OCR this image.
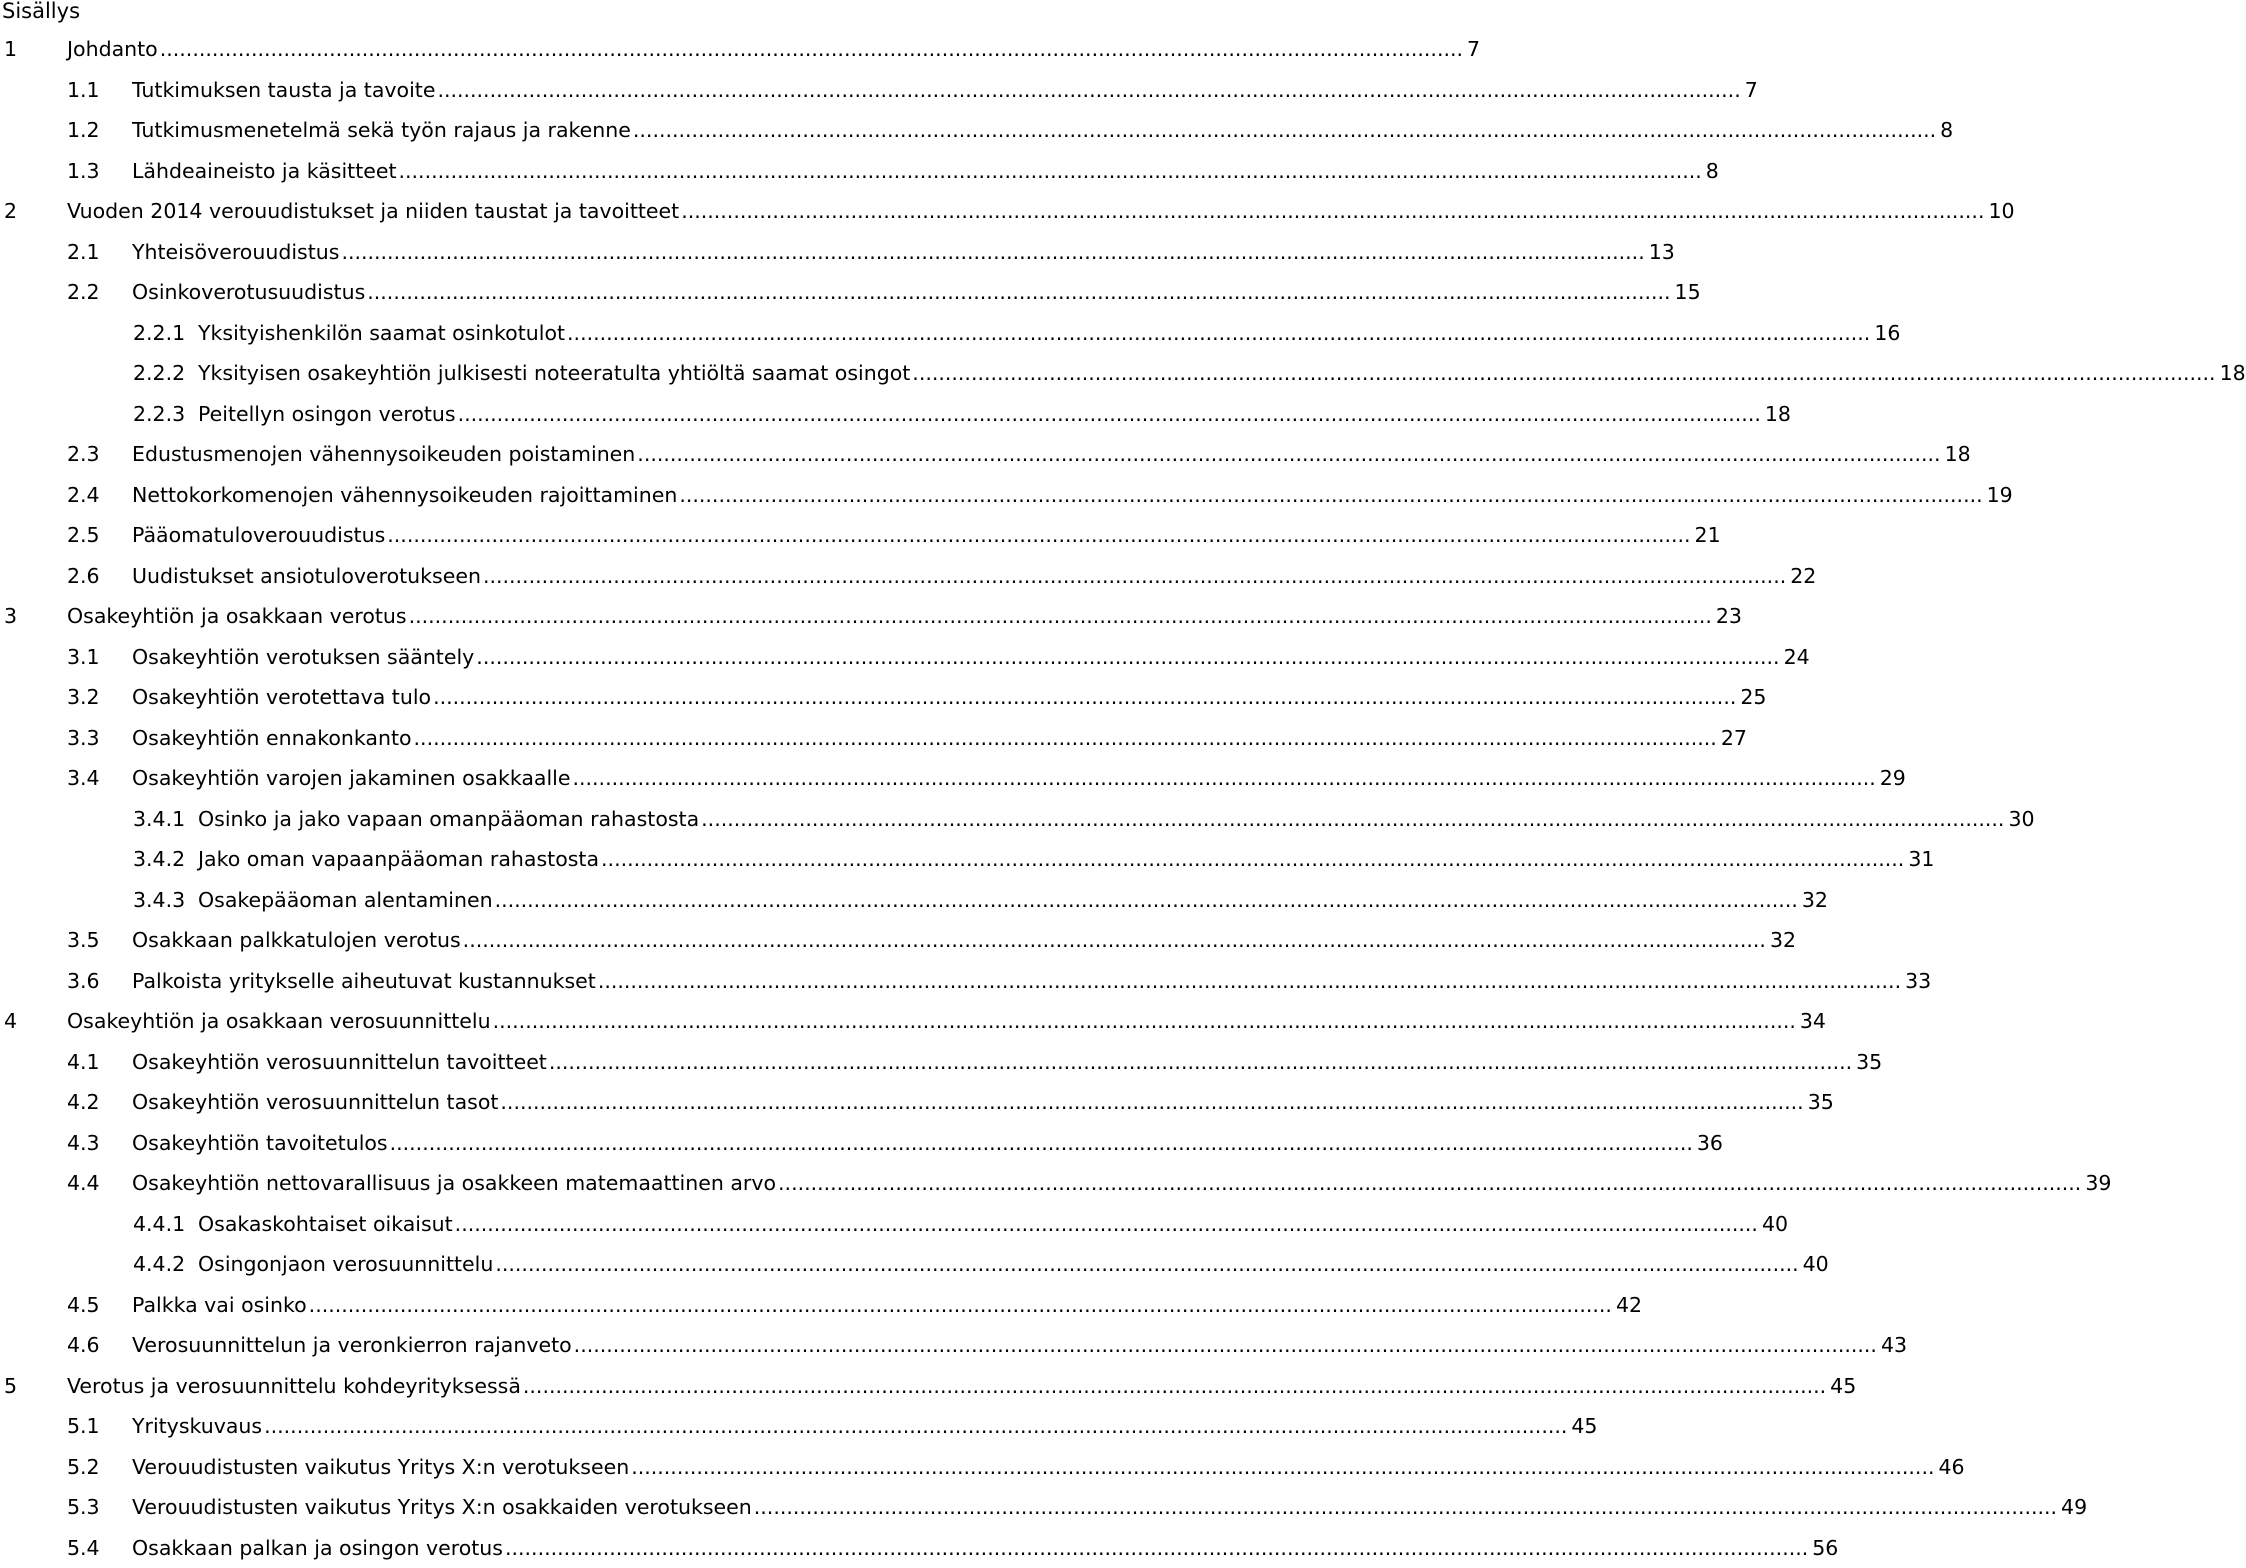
Sisällys
1 Johdanto ........................................................................................................................................................................................................ 7
1.1 Tutkimuksen tausta ja tavoite ........................................................................................................................................................................................................ 7
1.2 Tutkimusmenetelmä sekä työn rajaus ja rakenne ........................................................................................................................................................................................................ 8
1.3 Lähdeaineisto ja käsitteet ........................................................................................................................................................................................................ 8
2 Vuoden 2014 verouudistukset ja niiden taustat ja tavoitteet ........................................................................................................................................................................................................ 10
2.1 Yhteisöverouudistus ........................................................................................................................................................................................................ 13
2.2 Osinkoverotusuudistus ........................................................................................................................................................................................................ 15
2.2.1 Yksityishenkilön saamat osinkotulot ........................................................................................................................................................................................................ 16
2.2.2 Yksityisen osakeyhtiön julkisesti noteeratulta yhtiöltä saamat osingot ........................................................................................................................................................................................................ 18
2.2.3 Peitellyn osingon verotus ........................................................................................................................................................................................................ 18
2.3 Edustusmenojen vähennysoikeuden poistaminen ........................................................................................................................................................................................................ 18
2.4 Nettokorkomenojen vähennysoikeuden rajoittaminen ........................................................................................................................................................................................................ 19
2.5 Pääomatuloverouudistus ........................................................................................................................................................................................................ 21
2.6 Uudistukset ansiotuloverotukseen ........................................................................................................................................................................................................ 22
3 Osakeyhtiön ja osakkaan verotus ........................................................................................................................................................................................................ 23
3.1 Osakeyhtiön verotuksen sääntely ........................................................................................................................................................................................................ 24
3.2 Osakeyhtiön verotettava tulo ........................................................................................................................................................................................................ 25
3.3 Osakeyhtiön ennakonkanto ........................................................................................................................................................................................................ 27
3.4 Osakeyhtiön varojen jakaminen osakkaalle ........................................................................................................................................................................................................ 29
3.4.1 Osinko ja jako vapaan omanpääoman rahastosta ........................................................................................................................................................................................................ 30
3.4.2 Jako oman vapaanpääoman rahastosta ........................................................................................................................................................................................................ 31
3.4.3 Osakepääoman alentaminen ........................................................................................................................................................................................................ 32
3.5 Osakkaan palkkatulojen verotus ........................................................................................................................................................................................................ 32
3.6 Palkoista yritykselle aiheutuvat kustannukset ........................................................................................................................................................................................................ 33
4 Osakeyhtiön ja osakkaan verosuunnittelu ........................................................................................................................................................................................................ 34
4.1 Osakeyhtiön verosuunnittelun tavoitteet ........................................................................................................................................................................................................ 35
4.2 Osakeyhtiön verosuunnittelun tasot ........................................................................................................................................................................................................ 35
4.3 Osakeyhtiön tavoitetulos ........................................................................................................................................................................................................ 36
4.4 Osakeyhtiön nettovarallisuus ja osakkeen matemaattinen arvo ........................................................................................................................................................................................................ 39
4.4.1 Osakaskohtaiset oikaisut ........................................................................................................................................................................................................ 40
4.4.2 Osingonjaon verosuunnittelu ........................................................................................................................................................................................................ 40
4.5 Palkka vai osinko ........................................................................................................................................................................................................ 42
4.6 Verosuunnittelun ja veronkierron rajanveto ........................................................................................................................................................................................................ 43
5 Verotus ja verosuunnittelu kohdeyrityksessä ........................................................................................................................................................................................................ 45
5.1 Yrityskuvaus ........................................................................................................................................................................................................ 45
5.2 Verouudistusten vaikutus Yritys X:n verotukseen ........................................................................................................................................................................................................ 46
5.3 Verouudistusten vaikutus Yritys X:n osakkaiden verotukseen ........................................................................................................................................................................................................ 49
5.4 Osakkaan palkan ja osingon verotus ........................................................................................................................................................................................................ 56
